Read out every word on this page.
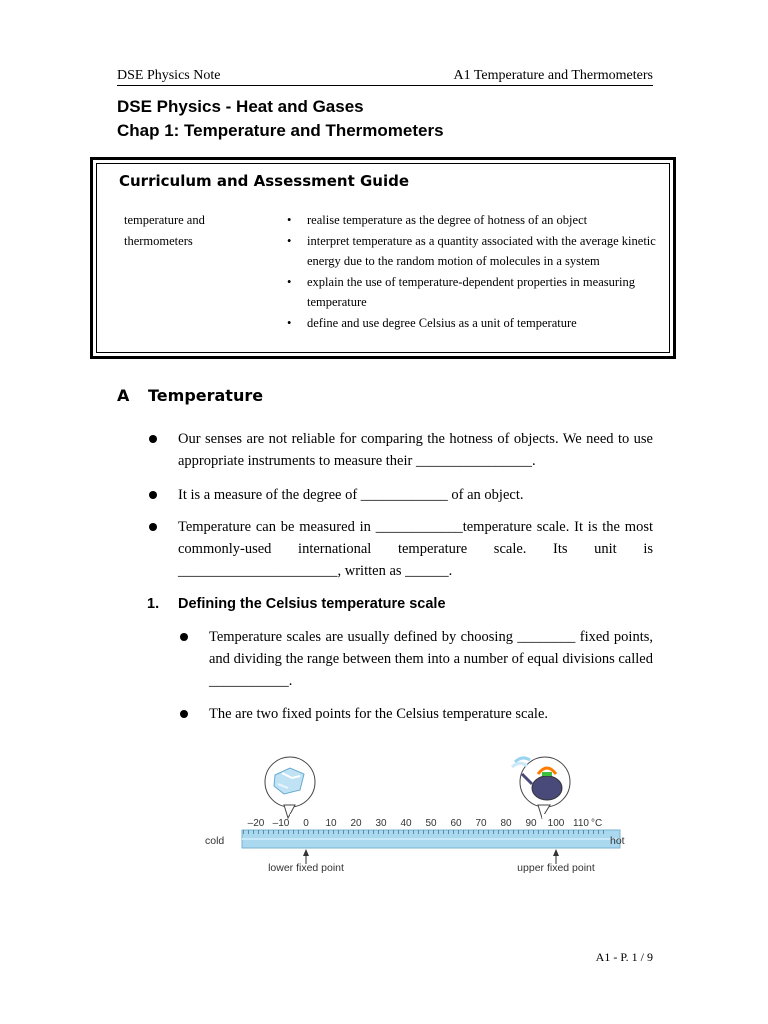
DSE Physics Note	A1 Temperature and Thermometers
DSE Physics - Heat and Gases
Chap 1: Temperature and Thermometers
Curriculum and Assessment Guide
temperature and
thermometers
• realise temperature as the degree of hotness of an object
• interpret temperature as a quantity associated with the average kinetic energy due to the random motion of molecules in a system
• explain the use of temperature-dependent properties in measuring temperature
• define and use degree Celsius as a unit of temperature
A Temperature
Our senses are not reliable for comparing the hotness of objects. We need to use appropriate instruments to measure their ________________.
It is a measure of the degree of ____________ of an object.
Temperature can be measured in ____________temperature scale. It is the most commonly-used international temperature scale. Its unit is ______________________, written as ______.
1. Defining the Celsius temperature scale
Temperature scales are usually defined by choosing ________ fixed points, and dividing the range between them into a number of equal divisions called ___________.
The are two fixed points for the Celsius temperature scale.
–20 –10 0 10 20 30 40 50 60 70 80 90 100 110 °C
cold	hot
lower fixed point	upper fixed point
A1 - P. 1 / 9
